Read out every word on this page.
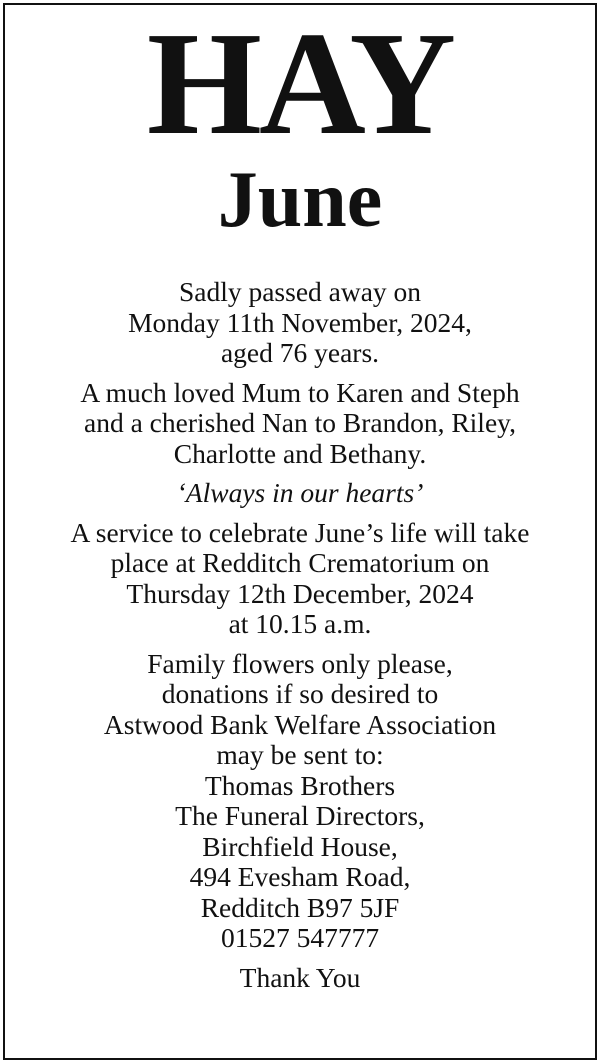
HAY
June

Sadly passed away on
Monday 11th November, 2024,
aged 76 years.

A much loved Mum to Karen and Steph
and a cherished Nan to Brandon, Riley,
Charlotte and Bethany.

‘Always in our hearts’

A service to celebrate June’s life will take
place at Redditch Crematorium on
Thursday 12th December, 2024
at 10.15 a.m.

Family flowers only please,
donations if so desired to
Astwood Bank Welfare Association
may be sent to:
Thomas Brothers
The Funeral Directors,
Birchfield House,
494 Evesham Road,
Redditch B97 5JF
01527 547777

Thank You
